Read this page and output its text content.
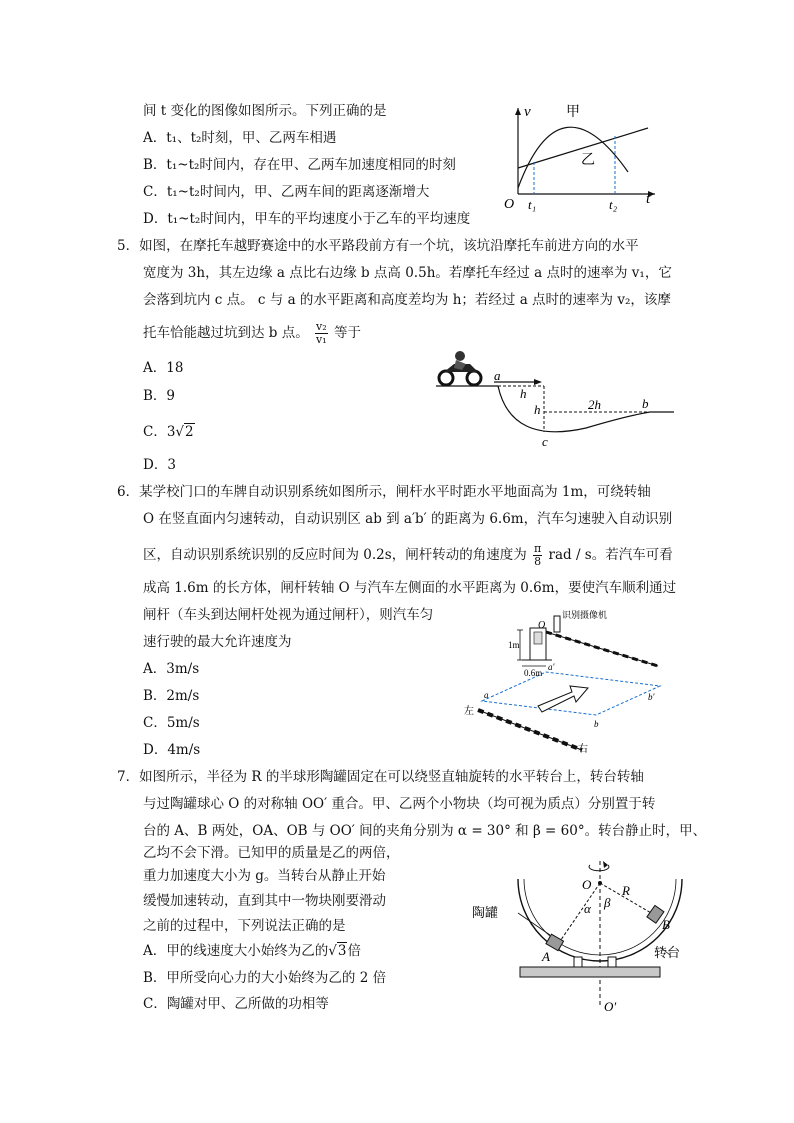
间 t 变化的图像如图所示。下列正确的是
A．t₁、t₂时刻，甲、乙两车相遇
B．t₁~t₂时间内，存在甲、乙两车加速度相同的时刻
C．t₁~t₂时间内，甲、乙两车间的距离逐渐增大
D．t₁~t₂时间内，甲车的平均速度小于乙车的平均速度
v
t
O t₁	t₂
甲
乙
5．如图，在摩托车越野赛途中的水平路段前方有一个坑，该坑沿摩托车前进方向的水平
宽度为 3h，其左边缘 a 点比右边缘 b 点高 0.5h。若摩托车经过 a 点时的速率为 v₁，它
会落到坑内 c 点。 c 与 a 的水平距离和高度差均为 h；若经过 a 点时的速率为 v₂，该摩
托车恰能越过坑到达 b 点。 $\frac{\text{v₂}}{\text{v₁}}$ 等于
A．18
B．9
C．3√2
D．3
a
b
c
h
h	2h
6．某学校门口的车牌自动识别系统如图所示，闸杆水平时距水平地面高为 1m，可绕转轴
O 在竖直面内匀速转动，自动识别区 ab 到 a′b′ 的距离为 6.6m，汽车匀速驶入自动识别
区，自动识别系统识别的反应时间为 0.2s，闸杆转动的角速度为 $\frac{\pi}{8}$ rad / s。若汽车可看
成高 1.6m 的长方体，闸杆转轴 O 与汽车左侧面的水平距离为 0.6m，要使汽车顺利通过
闸杆（车头到达闸杆处视为通过闸杆），则汽车匀
速行驶的最大允许速度为
A．3m/s
B．2m/s
C．5m/s
D．4m/s
识别摄像机
1m
O
0.6m
a
b
a′
b′
左
右
7．如图所示，半径为 R 的半球形陶罐固定在可以绕竖直轴旋转的水平转台上，转台转轴
与过陶罐球心 O 的对称轴 OO′ 重合。甲、乙两个小物块（均可视为质点）分别置于转
台的 A、B 两处，OA、OB 与 OO′ 间的夹角分别为 α = 30° 和 β = 60°。转台静止时，甲、
乙均不会下滑。已知甲的质量是乙的两倍，
重力加速度大小为 g。当转台从静止开始
缓慢加速转动，直到其中一物块刚要滑动
之前的过程中，下列说法正确的是
A．甲的线速度大小始终为乙的√3倍
B．甲所受向心力的大小始终为乙的 2 倍
C．陶罐对甲、乙所做的功相等
O
O′
R
α β
A
B
陶罐
转台
